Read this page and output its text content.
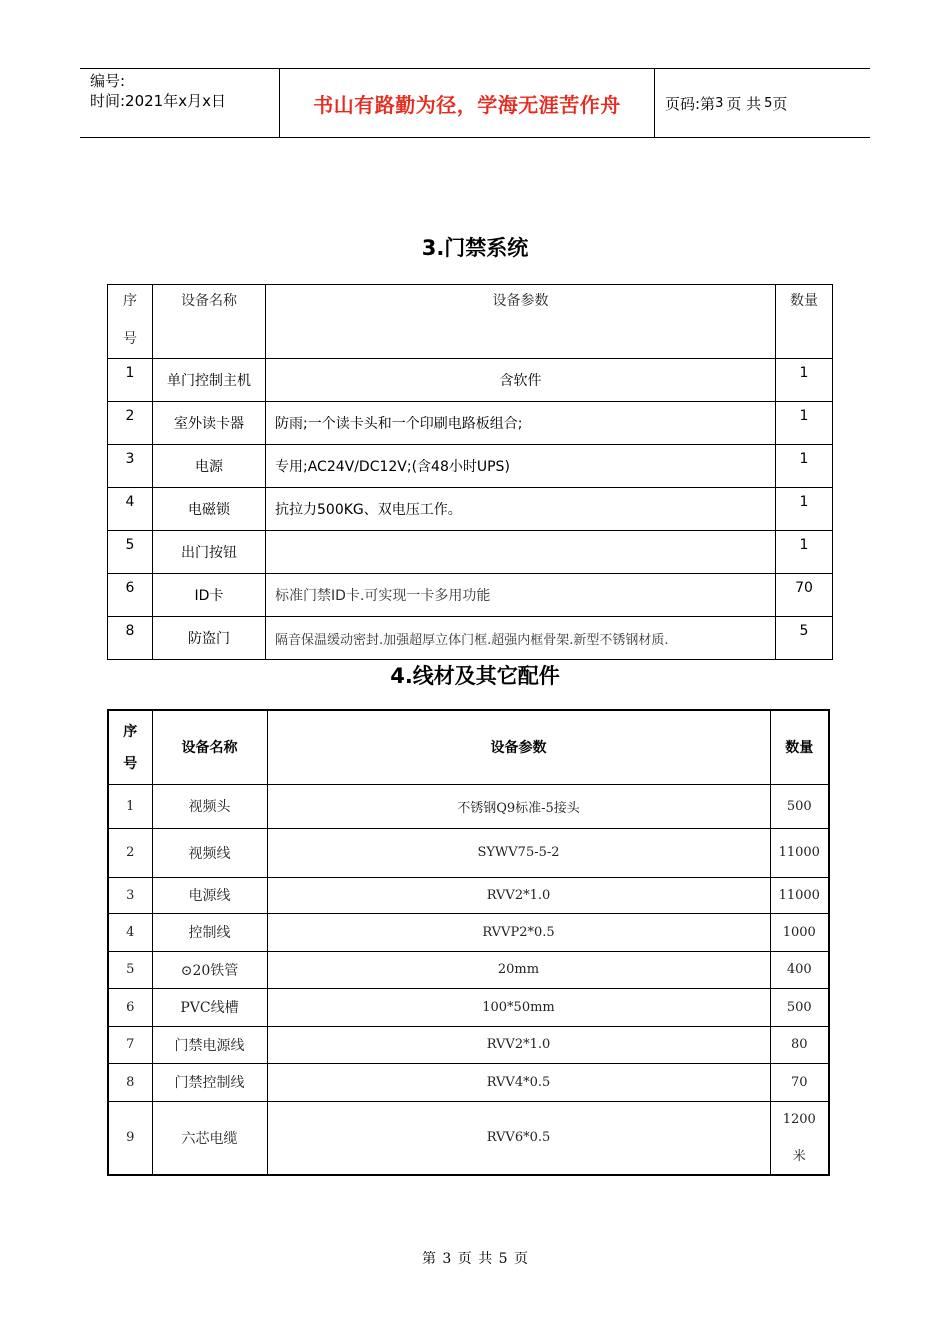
编号:
时间:2021年x月x日	书山有路勤为径，学海无涯苦作舟	页码:第 3 页 共 5 页
3.门禁系统
序
号	设备名称	设备参数	数量
1	单门控制主机	含软件	1
2	室外读卡器	防雨;一个读卡头和一个印刷电路板组合;	1
3	电源	专用;AC24V/DC12V;(含48小时UPS)	1
4	电磁锁	抗拉力500KG、双电压工作。	1
5	出门按钮		1
6	ID卡	标准门禁ID卡.可实现一卡多用功能	70
8	防盗门	隔音保温缓动密封.加强超厚立体门框.超强内框骨架.新型不锈钢材质.	5
4.线材及其它配件
序
号	设备名称	设备参数	数量
1	视频头	不锈钢Q9标准-5接头	500
2	视频线	SYWV75-5-2	11000
3	电源线	RVV2*1.0	11000
4	控制线	RVVP2*0.5	1000
5	⊙20铁管	20mm	400
6	PVC线槽	100*50mm	500
7	门禁电源线	RVV2*1.0	80
8	门禁控制线	RVV4*0.5	70
9	六芯电缆	RVV6*0.5	1200
米
第 3 页 共 5 页
